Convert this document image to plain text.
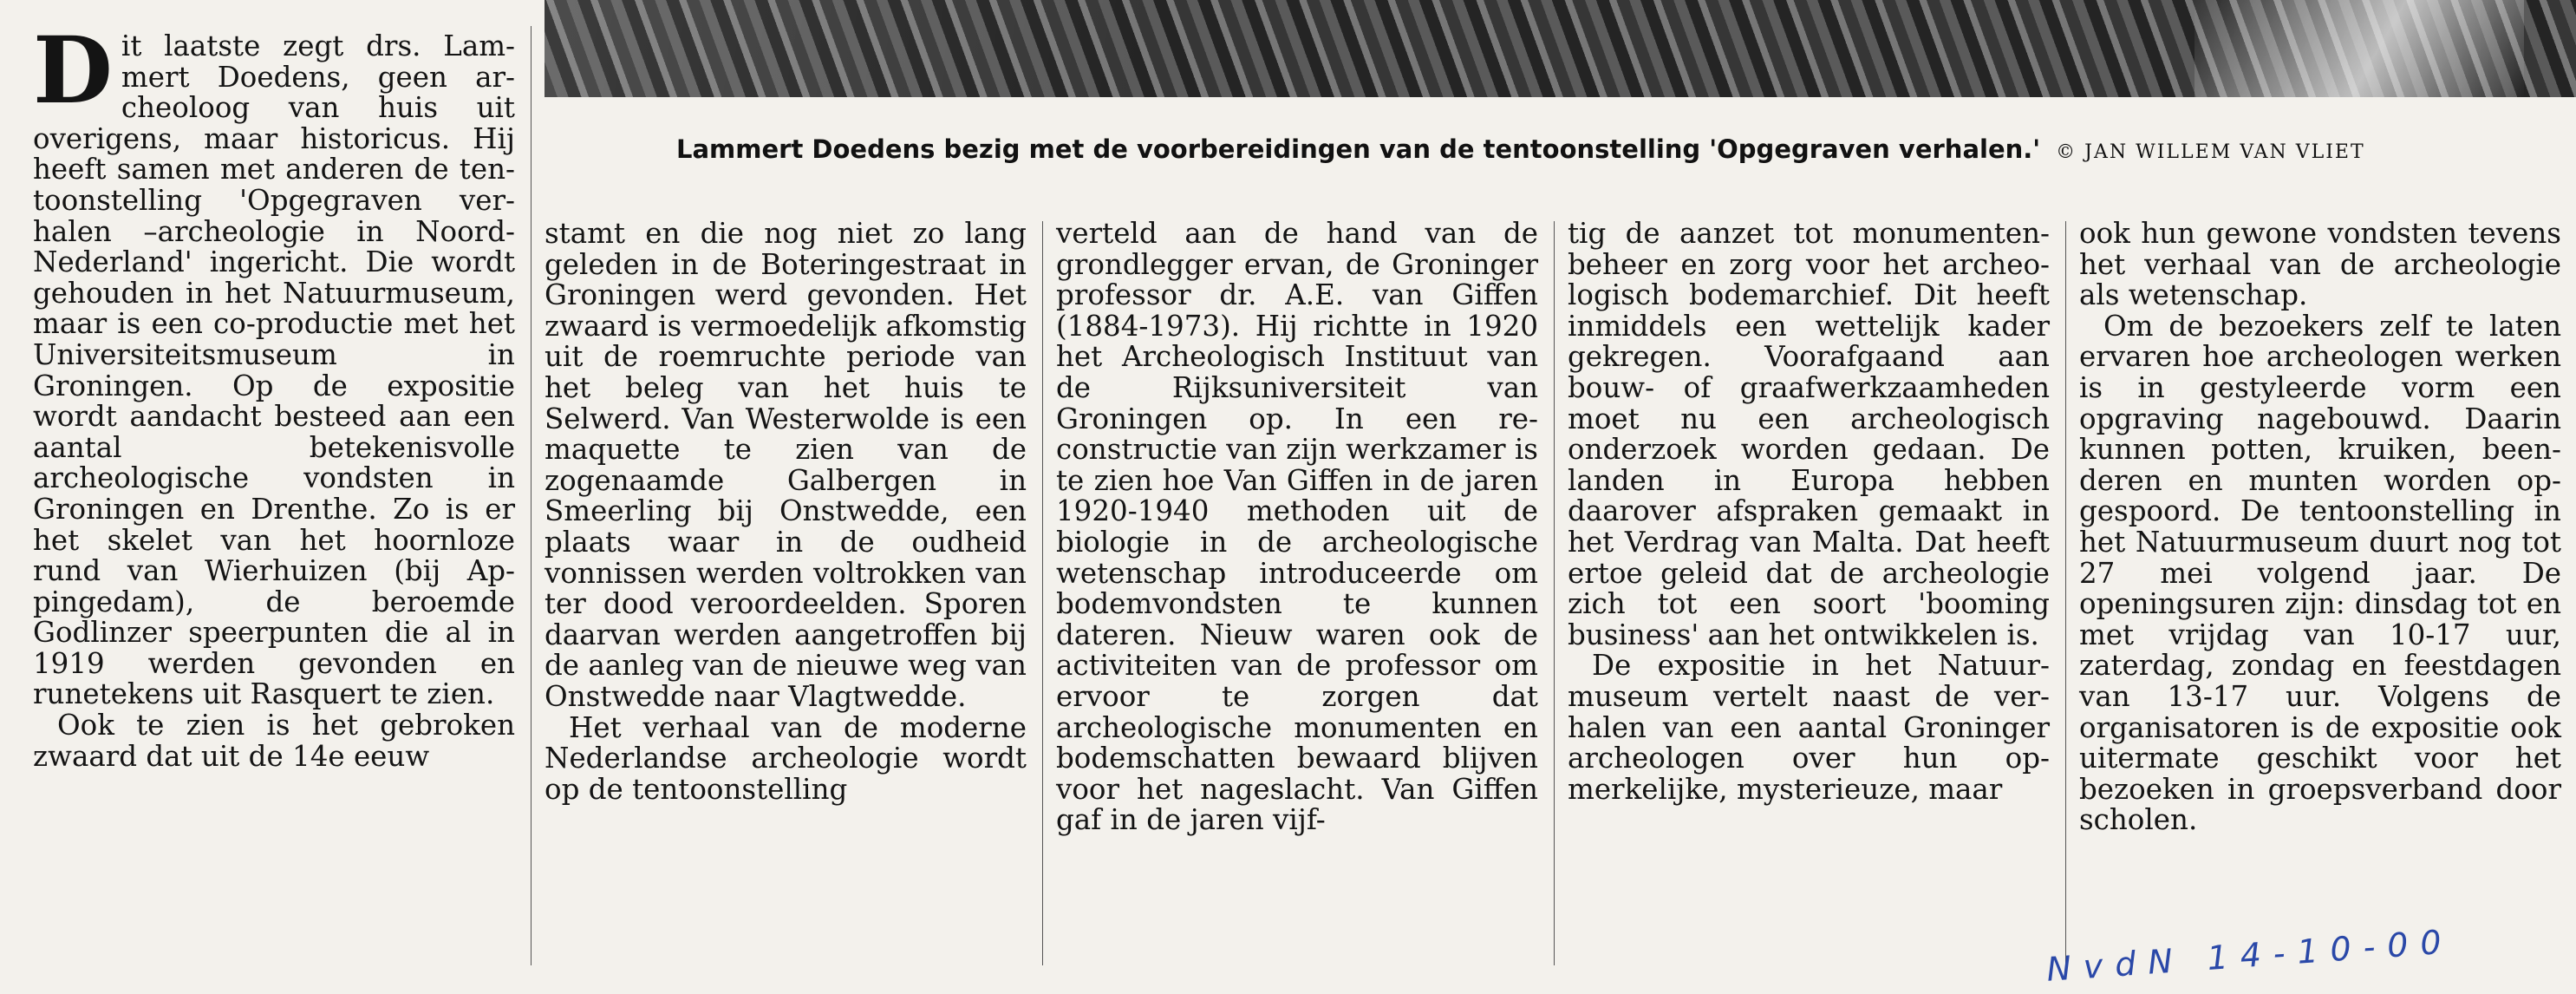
Lammert Doedens bezig met de voorbereidingen van de tentoonstelling 'Opgegraven verhalen.' © JAN WILLEM VAN VLIET
D it laatste zegt drs. Lammert Doedens, geen archeoloog van huis uit overigens, maar historicus. Hij heeft samen met anderen de tentoonstelling 'Opgegraven verhalen –archeologie in Noord-Nederland' ingericht. Die wordt gehouden in het Natuurmuseum, maar is een co-productie met het Universiteitsmuseum in Groningen. Op de expositie wordt aandacht besteed aan een aantal betekenisvolle archeologische vondsten in Groningen en Drenthe. Zo is er het skelet van het hoornloze rund van Wierhuizen (bij Appingedam), de beroemde Godlinzer speerpunten die al in 1919 werden gevonden en runetekens uit Rasquert te zien.

Ook te zien is het gebroken zwaard dat uit de 14e eeuw

stamt en die nog niet zo lang geleden in de Boteringestraat in Groningen werd gevonden. Het zwaard is vermoedelijk afkomstig uit de roemruchte periode van het beleg van het huis te Selwerd. Van Westerwolde is een maquette te zien van de zogenaamde Galbergen in Smeerling bij Onstwedde, een plaats waar in de oudheid vonnissen werden voltrokken van ter dood veroordeelden. Sporen daarvan werden aangetroffen bij de aanleg van de nieuwe weg van Onstwedde naar Vlagtwedde.

Het verhaal van de moderne Nederlandse archeologie wordt op de tentoonstelling

verteld aan de hand van de grondlegger ervan, de Groninger professor dr. A.E. van Giffen (1884-1973). Hij richtte in 1920 het Archeologisch Instituut van de Rijksuniversiteit van Groningen op. In een reconstructie van zijn werkzamer is te zien hoe Van Giffen in de jaren 1920-1940 methoden uit de biologie in de archeologische wetenschap introduceerde om bodemvondsten te kunnen dateren. Nieuw waren ook de activiteiten van de professor om ervoor te zorgen dat archeologische monumenten en bodemschatten bewaard blijven voor het nageslacht. Van Giffen gaf in de jaren vijf-

tig de aanzet tot monumentenbeheer en zorg voor het archeologisch bodemarchief. Dit heeft inmiddels een wettelijk kader gekregen. Voorafgaand aan bouw- of graafwerkzaamheden moet nu een archeologisch onderzoek worden gedaan. De landen in Europa hebben daarover afspraken gemaakt in het Verdrag van Malta. Dat heeft ertoe geleid dat de archeologie zich tot een soort 'booming business' aan het ontwikkelen is.

De expositie in het Natuurmuseum vertelt naast de verhalen van een aantal Groninger archeologen over hun opmerkelijke, mysterieuze, maar

ook hun gewone vondsten tevens het verhaal van de archeologie als wetenschap.

Om de bezoekers zelf te laten ervaren hoe archeologen werken is in gestyleerde vorm een opgraving nagebouwd. Daarin kunnen potten, kruiken, beenderen en munten worden opgespoord. De tentoonstelling in het Natuurmuseum duurt nog tot 27 mei volgend jaar. De openingsuren zijn: dinsdag tot en met vrijdag van 10-17 uur, zaterdag, zondag en feestdagen van 13-17 uur. Volgens de organisatoren is de expositie ook uitermate geschikt voor het bezoeken in groepsverband door scholen.

NvdN 14-10-00
